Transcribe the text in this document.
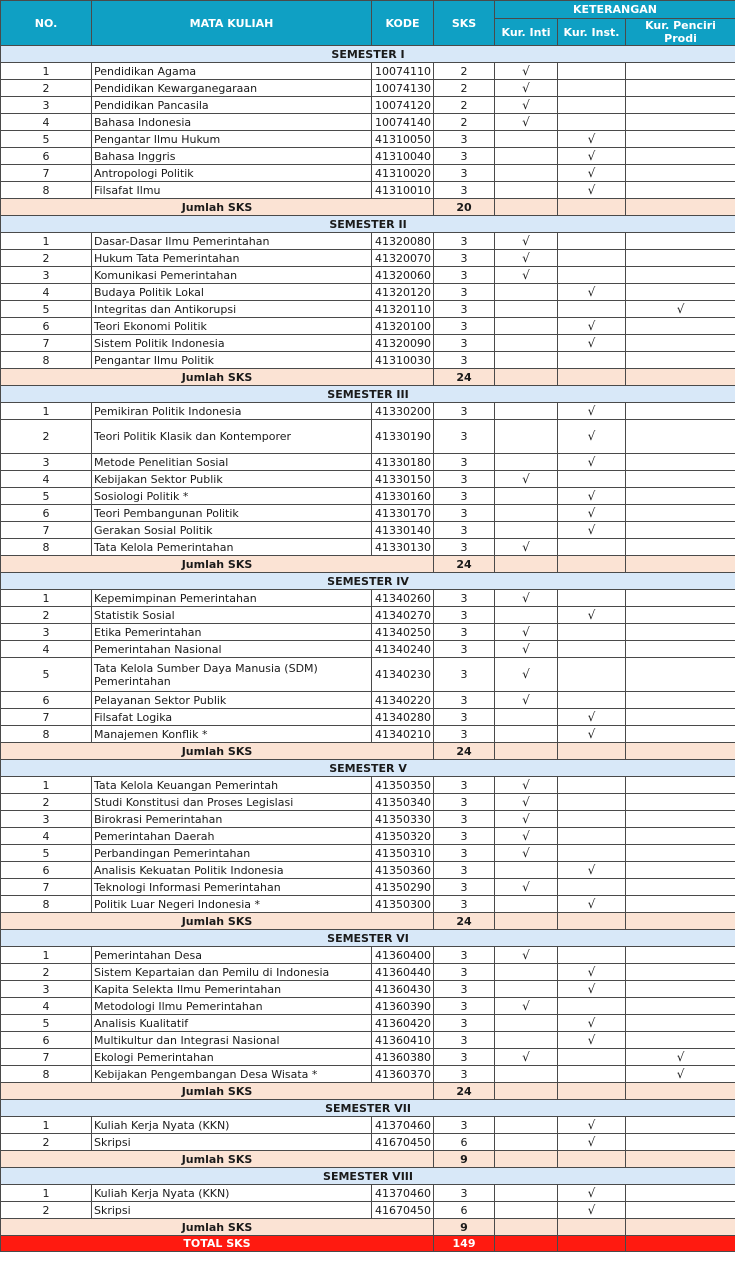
NO.	MATA KULIAH	KODE	SKS	KETERANGAN		
				Kur. Inti	Kur. Inst.	Kur. Penciri Prodi
SEMESTER I						
1	Pendidikan Agama	10074110	2	√		
2	Pendidikan Kewarganegaraan	10074130	2	√		
3	Pendidikan Pancasila	10074120	2	√		
4	Bahasa Indonesia	10074140	2	√		
5	Pengantar Ilmu Hukum	41310050	3		√	
6	Bahasa Inggris	41310040	3		√	
7	Antropologi Politik	41310020	3		√	
8	Filsafat Ilmu	41310010	3		√	
Jumlah SKS			20			
SEMESTER II						
1	Dasar-Dasar Ilmu Pemerintahan	41320080	3	√		
2	Hukum Tata Pemerintahan	41320070	3	√		
3	Komunikasi Pemerintahan	41320060	3	√		
4	Budaya Politik Lokal	41320120	3		√	
5	Integritas dan Antikorupsi	41320110	3			√
6	Teori Ekonomi Politik	41320100	3		√	
7	Sistem Politik Indonesia	41320090	3		√	
8	Pengantar Ilmu Politik	41310030	3			
Jumlah SKS			24			
SEMESTER III						
1	Pemikiran Politik Indonesia	41330200	3		√	
2	Teori Politik Klasik dan Kontemporer	41330190	3		√	
3	Metode Penelitian Sosial	41330180	3		√	
4	Kebijakan Sektor Publik	41330150	3	√		
5	Sosiologi Politik *	41330160	3		√	
6	Teori Pembangunan Politik	41330170	3		√	
7	Gerakan Sosial Politik	41330140	3		√	
8	Tata Kelola Pemerintahan	41330130	3	√		
Jumlah SKS			24			
SEMESTER IV						
1	Kepemimpinan Pemerintahan	41340260	3	√		
2	Statistik Sosial	41340270	3		√	
3	Etika Pemerintahan	41340250	3	√		
4	Pemerintahan Nasional	41340240	3	√		
5	Tata Kelola Sumber Daya Manusia (SDM) Pemerintahan	41340230	3	√		
6	Pelayanan Sektor Publik	41340220	3	√		
7	Filsafat Logika	41340280	3		√	
8	Manajemen Konflik *	41340210	3		√	
Jumlah SKS			24			
SEMESTER V						
1	Tata Kelola Keuangan Pemerintah	41350350	3	√		
2	Studi Konstitusi dan Proses Legislasi	41350340	3	√		
3	Birokrasi Pemerintahan	41350330	3	√		
4	Pemerintahan Daerah	41350320	3	√		
5	Perbandingan Pemerintahan	41350310	3	√		
6	Analisis Kekuatan Politik Indonesia	41350360	3		√	
7	Teknologi Informasi Pemerintahan	41350290	3	√		
8	Politik Luar Negeri Indonesia *	41350300	3		√	
Jumlah SKS			24			
SEMESTER VI						
1	Pemerintahan Desa	41360400	3	√		
2	Sistem Kepartaian dan Pemilu di Indonesia	41360440	3		√	
3	Kapita Selekta Ilmu Pemerintahan	41360430	3		√	
4	Metodologi Ilmu Pemerintahan	41360390	3	√		
5	Analisis Kualitatif	41360420	3		√	
6	Multikultur dan Integrasi Nasional	41360410	3		√	
7	Ekologi Pemerintahan	41360380	3	√		√
8	Kebijakan Pengembangan Desa Wisata *	41360370	3			√
Jumlah SKS			24			
SEMESTER VII						
1	Kuliah Kerja Nyata (KKN)	41370460	3		√	
2	Skripsi	41670450	6		√	
Jumlah SKS			9			
SEMESTER VIII						
1	Kuliah Kerja Nyata (KKN)	41370460	3		√	
2	Skripsi	41670450	6		√	
Jumlah SKS			9			
TOTAL SKS			149			
